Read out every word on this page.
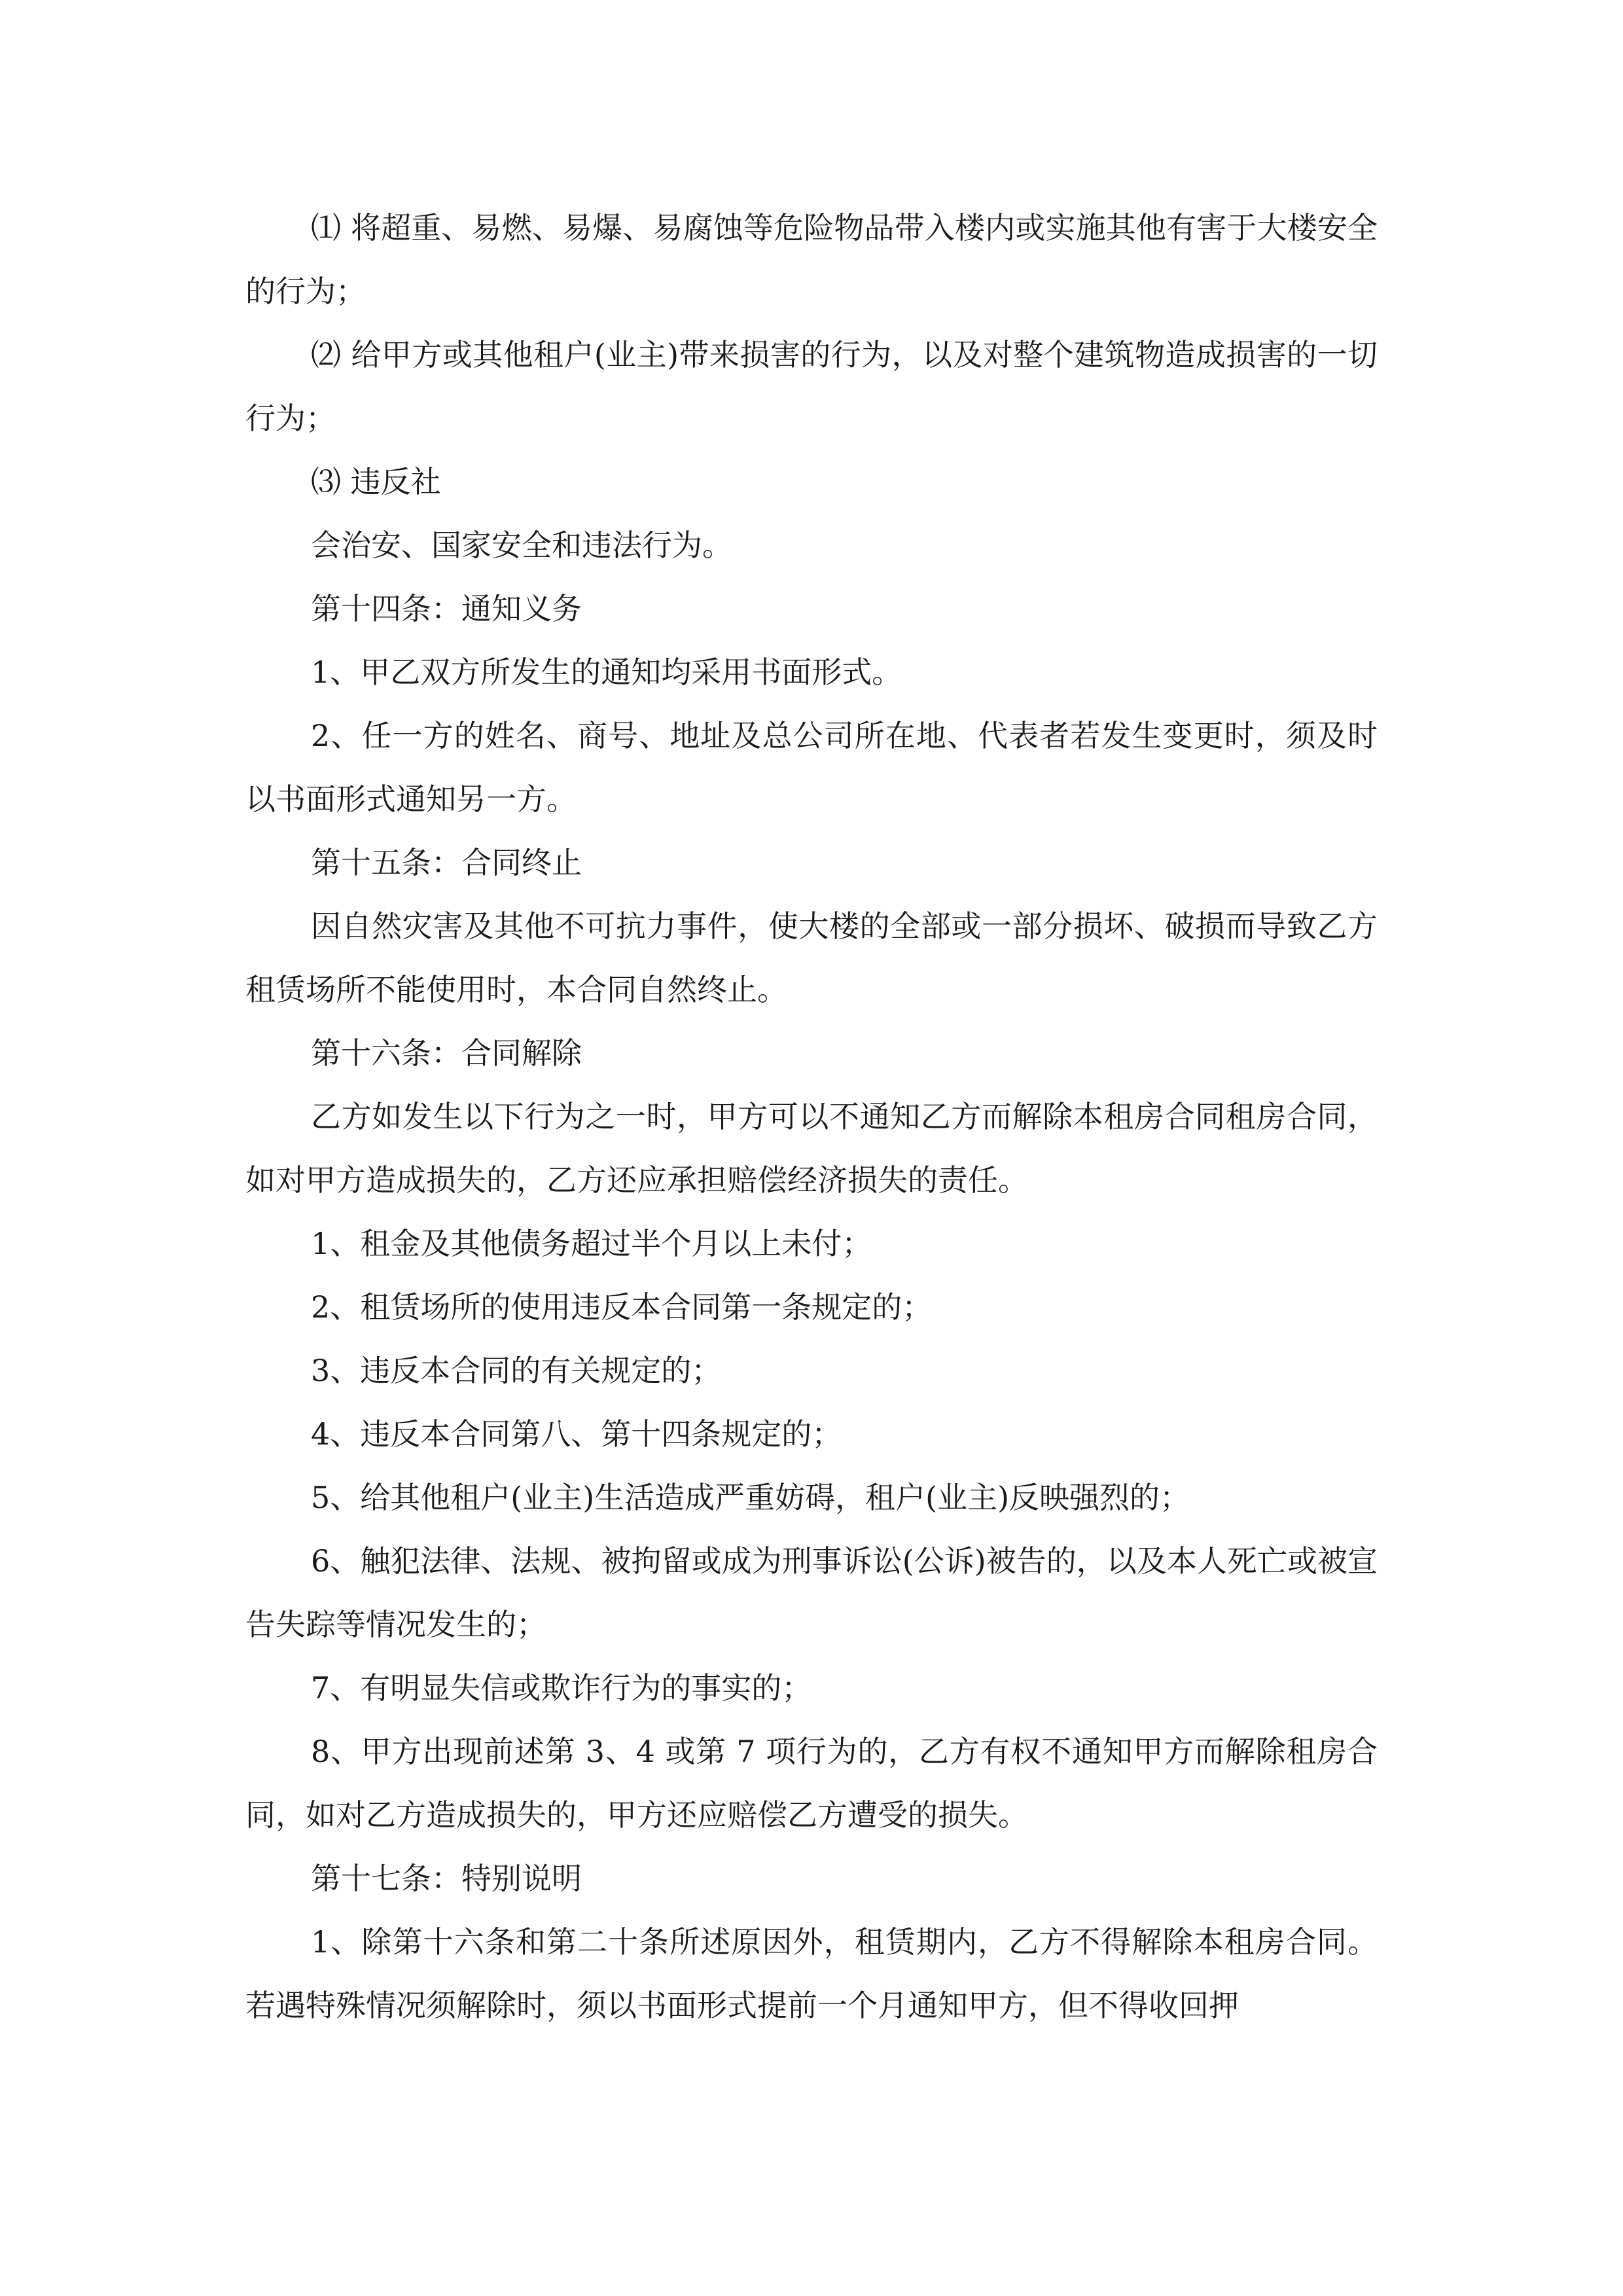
⑴ 将超重、易燃、易爆、易腐蚀等危险物品带入楼内或实施其他有害于大楼安全的行为；

⑵ 给甲方或其他租户(业主)带来损害的行为，以及对整个建筑物造成损害的一切行为；

⑶ 违反社

会治安、国家安全和违法行为。

第十四条：通知义务

1、甲乙双方所发生的通知均采用书面形式。

2、任一方的姓名、商号、地址及总公司所在地、代表者若发生变更时，须及时以书面形式通知另一方。

第十五条：合同终止

因自然灾害及其他不可抗力事件，使大楼的全部或一部分损坏、破损而导致乙方租赁场所不能使用时，本合同自然终止。

第十六条：合同解除

乙方如发生以下行为之一时，甲方可以不通知乙方而解除本租房合同租房合同，如对甲方造成损失的，乙方还应承担赔偿经济损失的责任。

1、租金及其他债务超过半个月以上未付；

2、租赁场所的使用违反本合同第一条规定的；

3、违反本合同的有关规定的；

4、违反本合同第八、第十四条规定的；

5、给其他租户(业主)生活造成严重妨碍，租户(业主)反映强烈的；

6、触犯法律、法规、被拘留或成为刑事诉讼(公诉)被告的，以及本人死亡或被宣告失踪等情况发生的；

7、有明显失信或欺诈行为的事实的；

8、甲方出现前述第 3、4 或第 7 项行为的，乙方有权不通知甲方而解除租房合同，如对乙方造成损失的，甲方还应赔偿乙方遭受的损失。

第十七条：特别说明

1、除第十六条和第二十条所述原因外，租赁期内，乙方不得解除本租房合同。若遇特殊情况须解除时，须以书面形式提前一个月通知甲方，但不得收回押
